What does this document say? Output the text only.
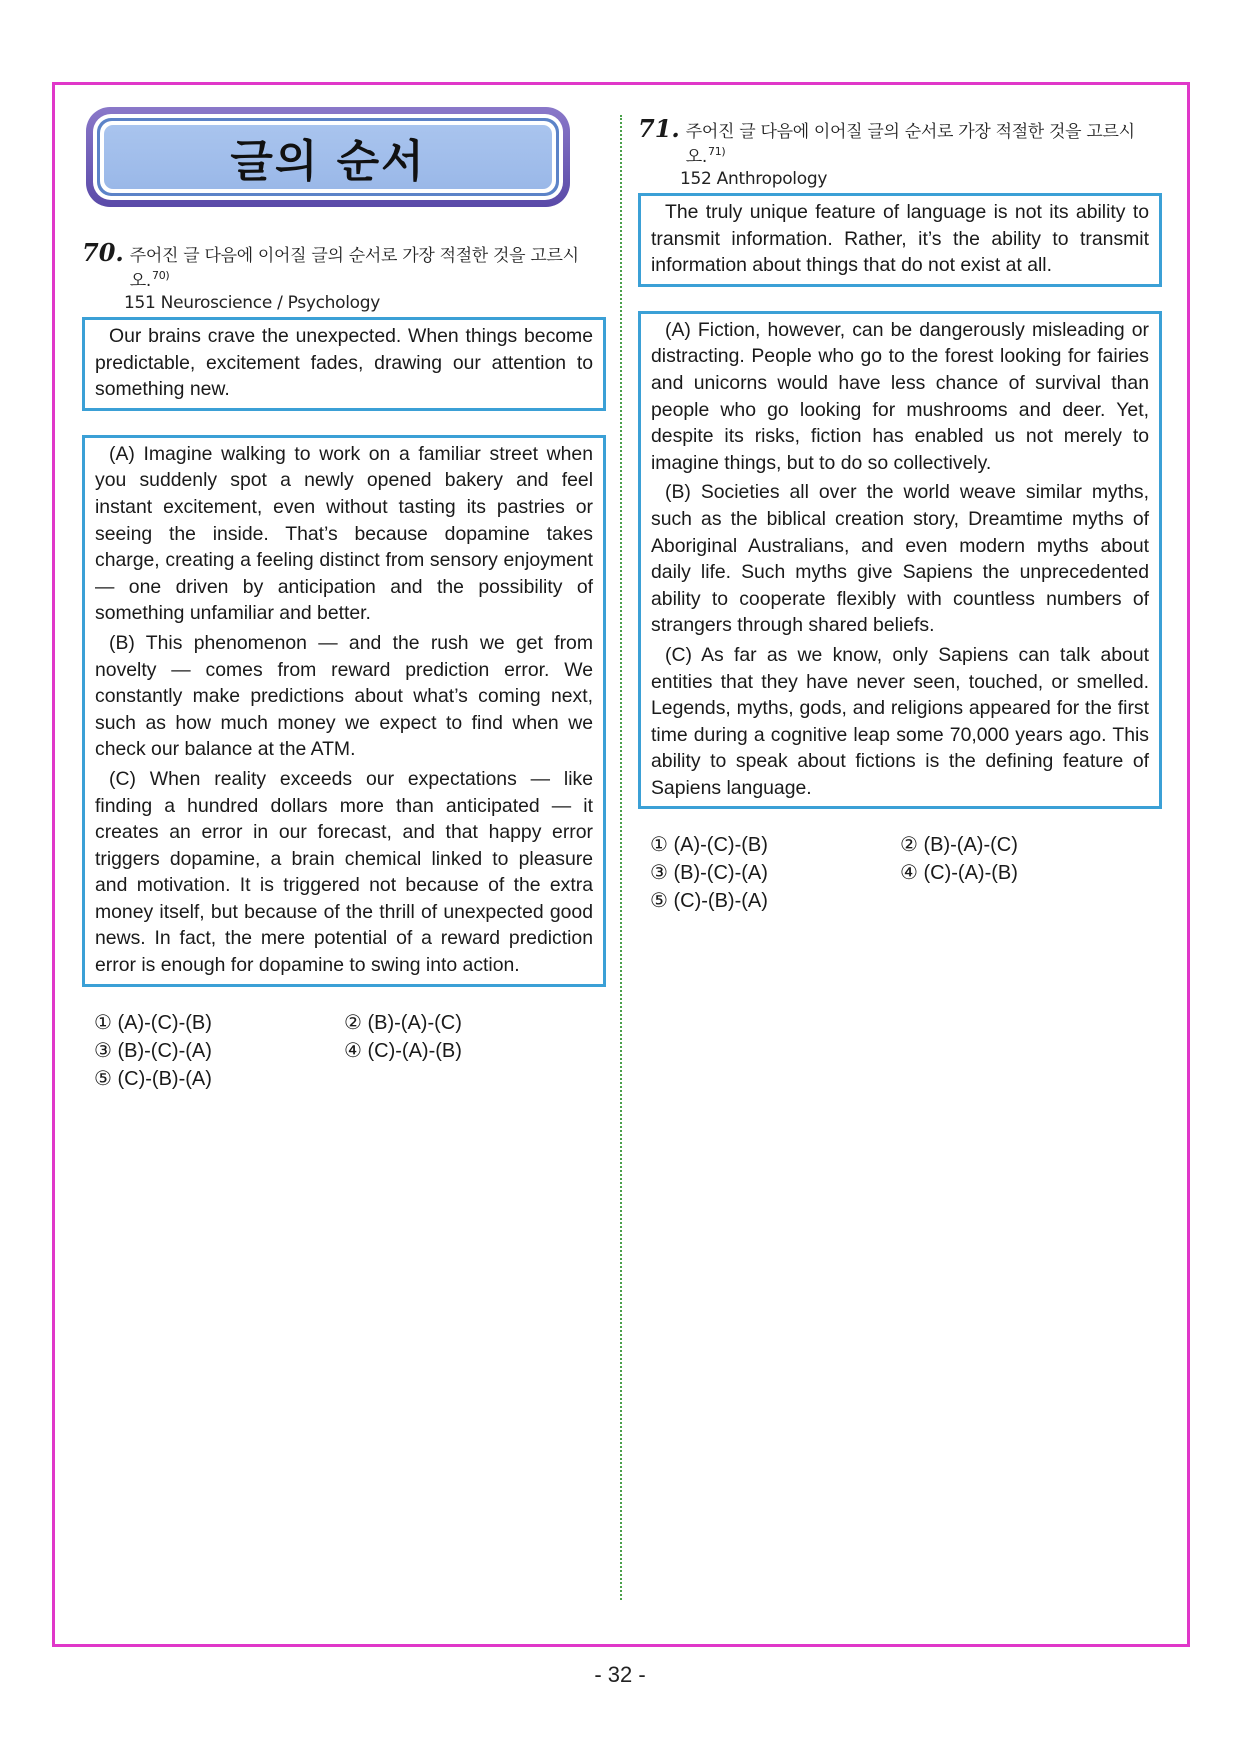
글의 순서
70. 주어진 글 다음에 이어질 글의 순서로 가장 적절한 것을 고르시오.$^{70)}$
151 Neuroscience / Psychology

Our brains crave the unexpected. When things become predictable, excitement fades, drawing our attention to something new.

(A) Imagine walking to work on a familiar street when you suddenly spot a newly opened bakery and feel instant excitement, even without tasting its pastries or seeing the inside. That’s because dopamine takes charge, creating a feeling distinct from sensory enjoyment — one driven by anticipation and the possibility of something unfamiliar and better.

(B) This phenomenon — and the rush we get from novelty — comes from reward prediction error. We constantly make predictions about what’s coming next, such as how much money we expect to find when we check our balance at the ATM.

(C) When reality exceeds our expectations — like finding a hundred dollars more than anticipated — it creates an error in our forecast, and that happy error triggers dopamine, a brain chemical linked to pleasure and motivation. It is triggered not because of the extra money itself, but because of the thrill of unexpected good news. In fact, the mere potential of a reward prediction error is enough for dopamine to swing into action.

① (A)-(C)-(B)	② (B)-(A)-(C)
③ (B)-(C)-(A)	④ (C)-(A)-(B)
⑤ (C)-(B)-(A)
71. 주어진 글 다음에 이어질 글의 순서로 가장 적절한 것을 고르시오.$^{71)}$
152 Anthropology

The truly unique feature of language is not its ability to transmit information. Rather, it’s the ability to transmit information about things that do not exist at all.

(A) Fiction, however, can be dangerously misleading or distracting. People who go to the forest looking for fairies and unicorns would have less chance of survival than people who go looking for mushrooms and deer. Yet, despite its risks, fiction has enabled us not merely to imagine things, but to do so collectively.

(B) Societies all over the world weave similar myths, such as the biblical creation story, Dreamtime myths of Aboriginal Australians, and even modern myths about daily life. Such myths give Sapiens the unprecedented ability to cooperate flexibly with countless numbers of strangers through shared beliefs.

(C) As far as we know, only Sapiens can talk about entities that they have never seen, touched, or smelled. Legends, myths, gods, and religions appeared for the first time during a cognitive leap some 70,000 years ago. This ability to speak about fictions is the defining feature of Sapiens language.

① (A)-(C)-(B)	② (B)-(A)-(C)
③ (B)-(C)-(A)	④ (C)-(A)-(B)
⑤ (C)-(B)-(A)
- 32 -
